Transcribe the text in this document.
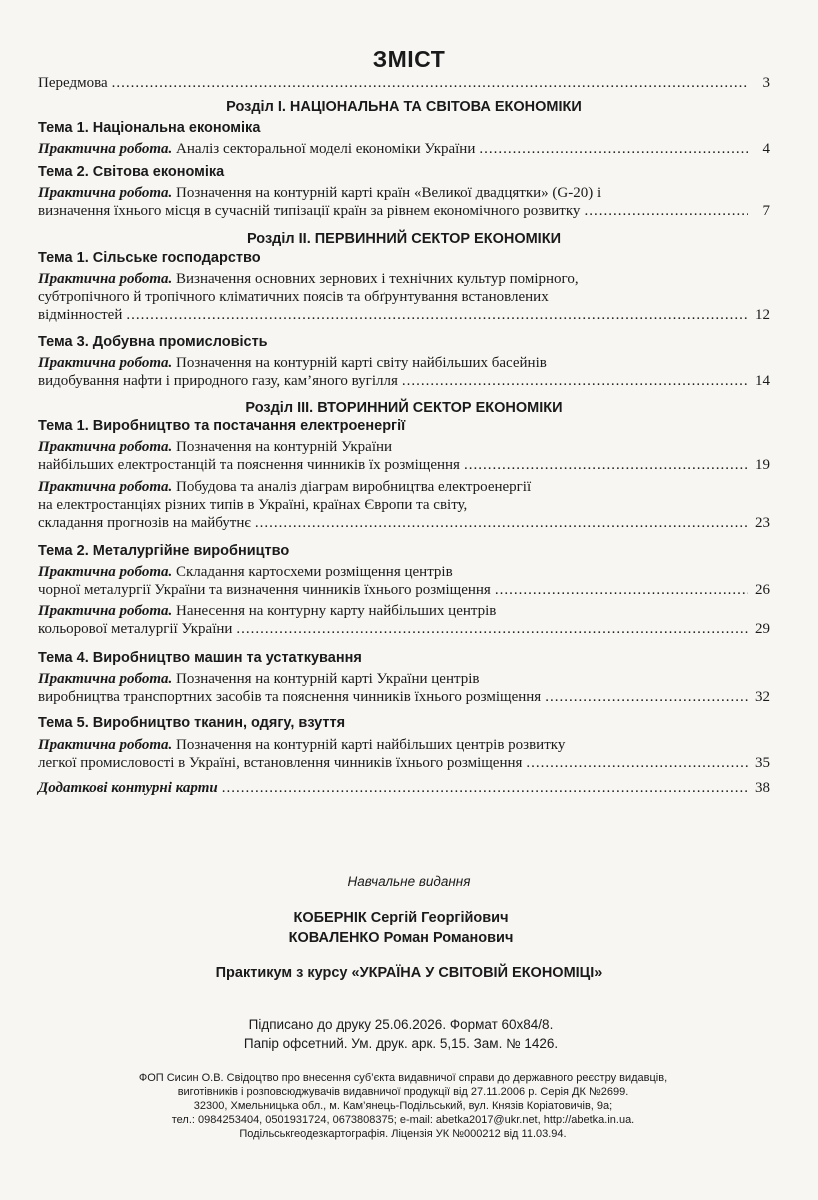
ЗМІСТ
Передмова .....	3
Розділ І. НАЦІОНАЛЬНА ТА СВІТОВА ЕКОНОМІКИ
Тема 1. Національна економіка
Практична робота. Аналіз секторальної моделі економіки України .....	4
Тема 2. Світова економіка
Практична робота. Позначення на контурній карті країн «Великої двадцятки» (G-20) і
визначення їхнього місця в сучасній типізації країн за рівнем економічного розвитку .....	7
Розділ ІІ. ПЕРВИННИЙ СЕКТОР ЕКОНОМІКИ
Тема 1. Сільське господарство
Практична робота. Визначення основних зернових і технічних культур помірного,
субтропічного й тропічного кліматичних поясів та обґрунтування встановлених
відмінностей .....	12
Тема 3. Добувна промисловість
Практична робота. Позначення на контурній карті світу найбільших басейнів
видобування нафти і природного газу, кам’яного вугілля .....	14
Розділ ІІІ. ВТОРИННИЙ СЕКТОР ЕКОНОМІКИ
Тема 1. Виробництво та постачання електроенергії
Практична робота. Позначення на контурній України
найбільших електростанцій та пояснення чинників їх розміщення .....	19
Практична робота. Побудова та аналіз діаграм виробництва електроенергії
на електростанціях різних типів в Україні, країнах Європи та світу,
складання прогнозів на майбутнє .....	23
Тема 2. Металургійне виробництво
Практична робота. Складання картосхеми розміщення центрів
чорної металургії України та визначення чинників їхнього розміщення .....	26
Практична робота. Нанесення на контурну карту найбільших центрів
кольорової металургії України .....	29
Тема 4. Виробництво машин та устаткування
Практична робота. Позначення на контурній карті України центрів
виробництва транспортних засобів та пояснення чинників їхнього розміщення .....	32
Тема 5. Виробництво тканин, одягу, взуття
Практична робота. Позначення на контурній карті найбільших центрів розвитку
легкої промисловості в Україні, встановлення чинників їхнього розміщення .....	35
Додаткові контурні карти .....	38
Навчальне видання
КОБЕРНІК Сергій Георгійович
КОВАЛЕНКО Роман Романович
Практикум з курсу «УКРАЇНА У СВІТОВІЙ ЕКОНОМІЦІ»
Підписано до друку 25.06.2026. Формат 60х84/8.
Папір офсетний. Ум. друк. арк. 5,15. Зам. № 1426.
ФОП Сисин О.В. Свідоцтво про внесення суб’єкта видавничої справи до державного реєстру видавців,
виготівників і розповсюджувачів видавничої продукції від 27.11.2006 р. Серія ДК №2699.
32300, Хмельницька обл., м. Кам’янець-Подільський, вул. Князів Коріатовичів, 9а;
тел.: 0984253404, 0501931724, 0673808375; e-mail: abetka2017@ukr.net, http://abetka.in.ua.
Подільськгеодезкартографія. Ліцензія УК №000212 від 11.03.94.
